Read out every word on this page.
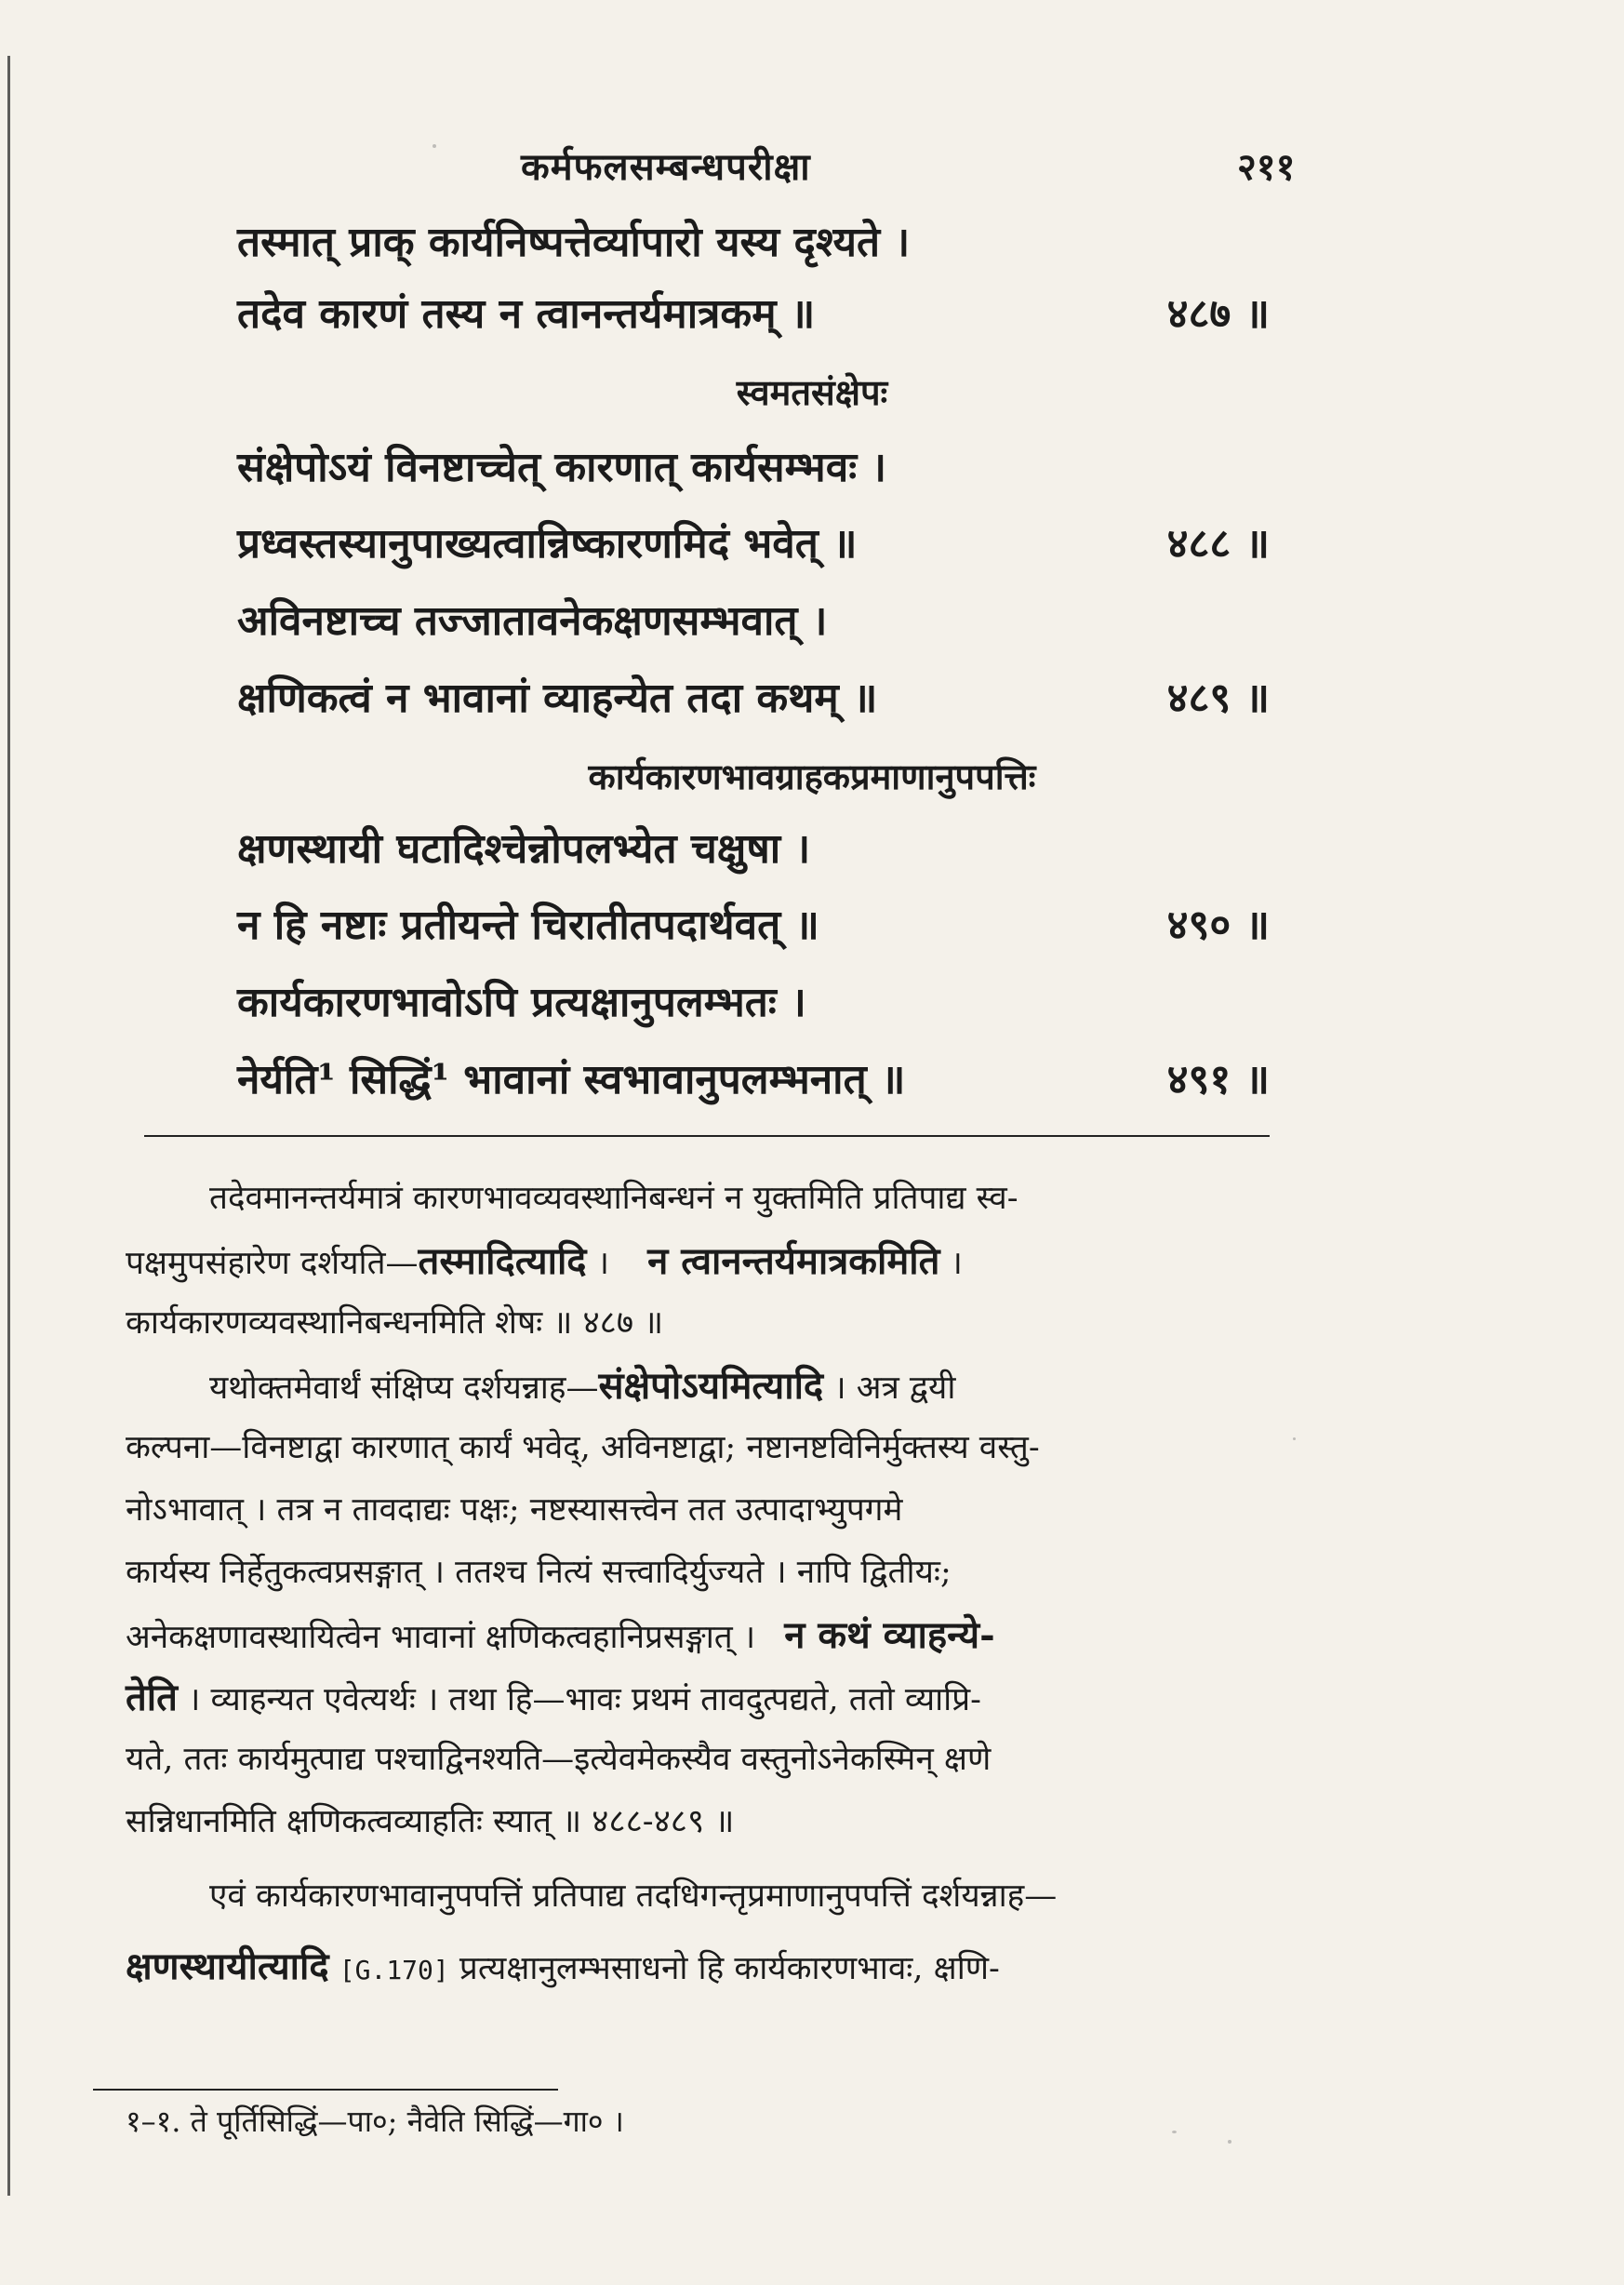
कर्मफलसम्बन्धपरीक्षा	२११
तस्मात् प्राक् कार्यनिष्पत्तेर्व्यापारो यस्य दृश्यते ।
तदेव कारणं तस्य न त्वानन्तर्यमात्रकम् ॥	४८७ ॥
स्वमतसंक्षेपः
संक्षेपोऽयं विनष्टाच्चेत् कारणात् कार्यसम्भवः ।
प्रध्वस्तस्यानुपाख्यत्वान्निष्कारणमिदं भवेत् ॥	४८८ ॥
अविनष्टाच्च तज्जातावनेकक्षणसम्भवात् ।
क्षणिकत्वं न भावानां व्याहन्येत तदा कथम् ॥	४८९ ॥
कार्यकारणभावग्राहकप्रमाणानुपपत्तिः
क्षणस्थायी घटादिश्चेन्नोपलभ्येत चक्षुषा ।
न हि नष्टाः प्रतीयन्ते चिरातीतपदार्थवत् ॥	४९० ॥
कार्यकारणभावोऽपि प्रत्यक्षानुपलम्भतः ।
नेर्यति¹ सिद्धिं¹ भावानां स्वभावानुपलम्भनात् ॥	४९१ ॥
तदेवमानन्तर्यमात्रं कारणभावव्यवस्थानिबन्धनं न युक्तमिति प्रतिपाद्य स्व-
पक्षमुपसंहारेण दर्शयति—तस्मादित्यादि । न त्वानन्तर्यमात्रकमिति ।
कार्यकारणव्यवस्थानिबन्धनमिति शेषः ॥ ४८७ ॥
यथोक्तमेवार्थं संक्षिप्य दर्शयन्नाह—संक्षेपोऽयमित्यादि । अत्र द्वयी
कल्पना—विनष्टाद्वा कारणात् कार्यं भवेद्, अविनष्टाद्वा; नष्टानष्टविनिर्मुक्तस्य वस्तु-
नोऽभावात् । तत्र न तावदाद्यः पक्षः; नष्टस्यासत्त्वेन तत उत्पादाभ्युपगमे
कार्यस्य निर्हेतुकत्वप्रसङ्गात् । ततश्च नित्यं सत्त्वादिर्युज्यते । नापि द्वितीयः;
अनेकक्षणावस्थायित्वेन भावानां क्षणिकत्वहानिप्रसङ्गात् । न कथं व्याहन्ये-
तेति । व्याहन्यत एवेत्यर्थः । तथा हि—भावः प्रथमं तावदुत्पद्यते, ततो व्याप्रि-
यते, ततः कार्यमुत्पाद्य पश्चाद्विनश्यति—इत्येवमेकस्यैव वस्तुनोऽनेकस्मिन् क्षणे
सन्निधानमिति क्षणिकत्वव्याहतिः स्यात् ॥ ४८८-४८९ ॥
एवं कार्यकारणभावानुपपत्तिं प्रतिपाद्य तदधिगन्तृप्रमाणानुपपत्तिं दर्शयन्नाह—
क्षणस्थायीत्यादि [G.170] प्रत्यक्षानुलम्भसाधनो हि कार्यकारणभावः, क्षणि-
१–१. ते पूर्तिसिद्धिं—पा०; नैवेति सिद्धिं—गा० ।
